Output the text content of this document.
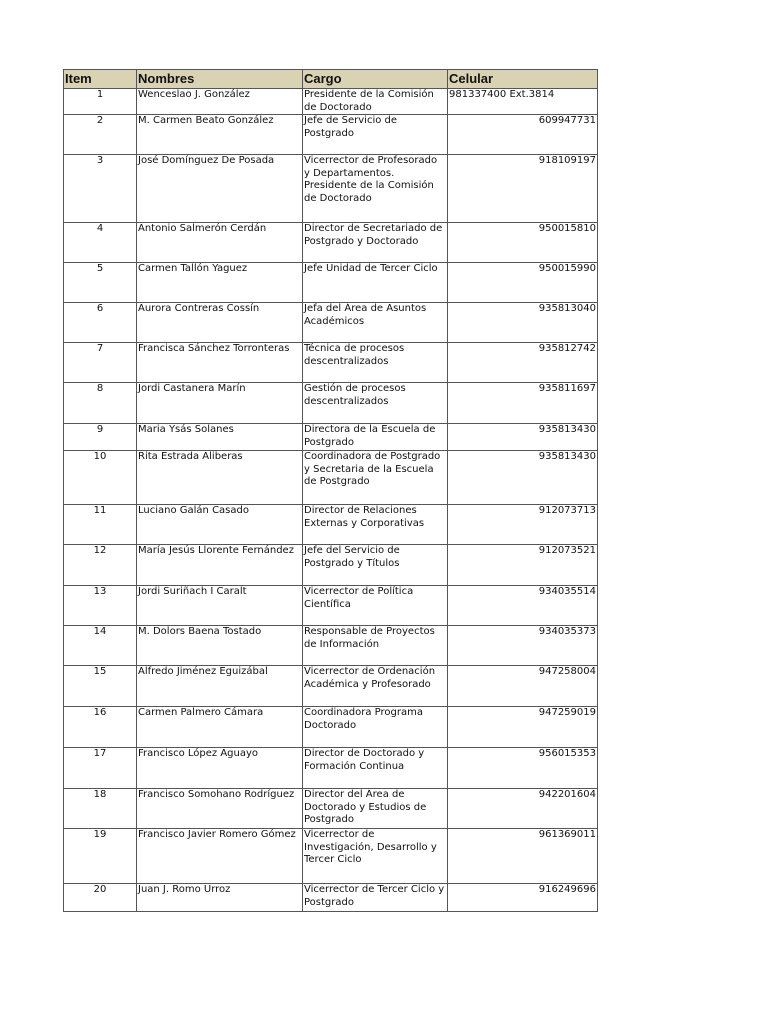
Item	Nombres	Cargo	Celular
1	Wenceslao J. González	Presidente de la Comisión de Doctorado	981337400 Ext.3814
2	M. Carmen Beato González	Jefe de Servicio de Postgrado	609947731
3	José Domínguez De Posada	Vicerrector de Profesorado y Departamentos. Presidente de la Comisión de Doctorado	918109197
4	Antonio Salmerón Cerdán	Director de Secretariado de Postgrado y Doctorado	950015810
5	Carmen Tallón Yaguez	Jefe Unidad de Tercer Ciclo	950015990
6	Aurora Contreras Cossín	Jefa del Área de Asuntos Académicos	935813040
7	Francisca Sánchez Torronteras	Técnica de procesos descentralizados	935812742
8	Jordi Castanera Marín	Gestión de procesos descentralizados	935811697
9	Maria Ysás Solanes	Directora de la Escuela de Postgrado	935813430
10	Rita Estrada Aliberas	Coordinadora de Postgrado y Secretaria de la Escuela de Postgrado	935813430
11	Luciano Galán Casado	Director de Relaciones Externas y Corporativas	912073713
12	María Jesús Llorente Fernández	Jefe del Servicio de Postgrado y Títulos	912073521
13	Jordi Suriñach I Caralt	Vicerrector de Política Científica	934035514
14	M. Dolors Baena Tostado	Responsable de Proyectos de Información	934035373
15	Alfredo Jiménez Eguizábal	Vicerrector de Ordenación Académica y Profesorado	947258004
16	Carmen Palmero Cámara	Coordinadora Programa Doctorado	947259019
17	Francisco López Aguayo	Director de Doctorado y Formación Continua	956015353
18	Francisco Somohano Rodríguez	Director del Área de Doctorado y Estudios de Postgrado	942201604
19	Francisco Javier Romero Gómez	Vicerrector de Investigación, Desarrollo y Tercer Ciclo	961369011
20	Juan J. Romo Urroz	Vicerrector de Tercer Ciclo y Postgrado	916249696
